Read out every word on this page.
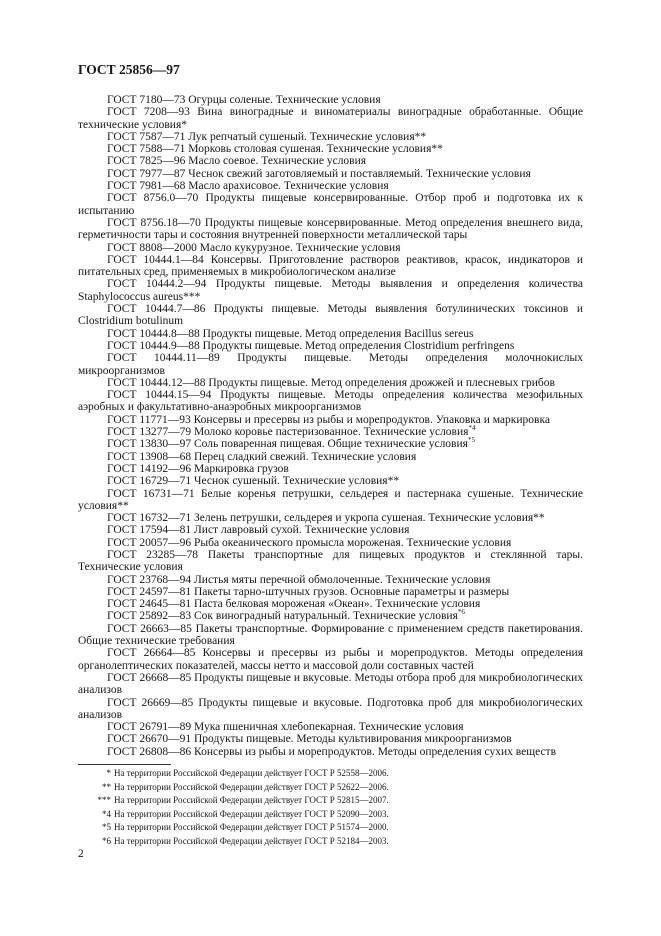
ГОСТ 25856—97

ГОСТ 7180—73 Огурцы соленые. Технические условия

ГОСТ 7208—93 Вина виноградные и виноматериалы виноградные обработанные. Общие технические условия*

ГОСТ 7587—71 Лук репчатый сушеный. Технические условия**

ГОСТ 7588—71 Морковь столовая сушеная. Технические условия**

ГОСТ 7825—96 Масло соевое. Технические условия

ГОСТ 7977—87 Чеснок свежий заготовляемый и поставляемый. Технические условия

ГОСТ 7981—68 Масло арахисовое. Технические условия

ГОСТ 8756.0—70 Продукты пищевые консервированные. Отбор проб и подготовка их к испытанию

ГОСТ 8756.18—70 Продукты пищевые консервированные. Метод определения внешнего вида, герметичности тары и состояния внутренней поверхности металлической тары

ГОСТ 8808—2000 Масло кукурузное. Технические условия

ГОСТ 10444.1—84 Консервы. Приготовление растворов реактивов, красок, индикаторов и питательных сред, применяемых в микробиологическом анализе

ГОСТ 10444.2—94 Продукты пищевые. Методы выявления и определения количества Staphylococcus aureus***

ГОСТ 10444.7—86 Продукты пищевые. Методы выявления ботулинических токсинов и Clostridium botulinum

ГОСТ 10444.8—88 Продукты пищевые. Метод определения Bacillus sereus

ГОСТ 10444.9—88 Продукты пищевые. Метод определения Clostridium perfringens

ГОСТ 10444.11—89 Продукты пищевые. Методы определения молочнокислых микроорганизмов

ГОСТ 10444.12—88 Продукты пищевые. Метод определения дрожжей и плесневых грибов

ГОСТ 10444.15—94 Продукты пищевые. Методы определения количества мезофильных аэробных и факультативно-анаэробных микроорганизмов

ГОСТ 11771—93 Консервы и пресервы из рыбы и морепродуктов. Упаковка и маркировка

ГОСТ 13277—79 Молоко коровье пастеризованное. Технические условия$^{*4}$

ГОСТ 13830—97 Соль поваренная пищевая. Общие технические условия$^{*5}$

ГОСТ 13908—68 Перец сладкий свежий. Технические условия

ГОСТ 14192—96 Маркировка грузов

ГОСТ 16729—71 Чеснок сушеный. Технические условия**

ГОСТ 16731—71 Белые коренья петрушки, сельдерея и пастернака сушеные. Технические условия**

ГОСТ 16732—71 Зелень петрушки, сельдерея и укропа сушеная. Технические условия**

ГОСТ 17594—81 Лист лавровый сухой. Технические условия

ГОСТ 20057—96 Рыба океанического промысла мороженая. Технические условия

ГОСТ 23285—78 Пакеты транспортные для пищевых продуктов и стеклянной тары. Технические условия

ГОСТ 23768—94 Листья мяты перечной обмолоченные. Технические условия

ГОСТ 24597—81 Пакеты тарно-штучных грузов. Основные параметры и размеры

ГОСТ 24645—81 Паста белковая мороженая «Океан». Технические условия

ГОСТ 25892—83 Сок виноградный натуральный. Технические условия$^{*6}$

ГОСТ 26663—85 Пакеты транспортные. Формирование с применением средств пакетирования. Общие технические требования

ГОСТ 26664—85 Консервы и пресервы из рыбы и морепродуктов. Методы определения органолептических показателей, массы нетто и массовой доли составных частей

ГОСТ 26668—85 Продукты пищевые и вкусовые. Методы отбора проб для микробиологических анализов

ГОСТ 26669—85 Продукты пищевые и вкусовые. Подготовка проб для микробиологических анализов

ГОСТ 26791—89 Мука пшеничная хлебопекарная. Технические условия

ГОСТ 26670—91 Продукты пищевые. Методы культивирования микроорганизмов

ГОСТ 26808—86 Консервы из рыбы и морепродуктов. Методы определения сухих веществ

* На территории Российской Федерации действует ГОСТ Р 52558—2006.

** На территории Российской Федерации действует ГОСТ Р 52622—2006.

*** На территории Российской Федерации действует ГОСТ Р 52815—2007.

*4 На территории Российской Федерации действует ГОСТ Р 52090—2003.

*5 На территории Российской Федерации действует ГОСТ Р 51574—2000.

*6 На территории Российской Федерации действует ГОСТ Р 52184—2003.

2
